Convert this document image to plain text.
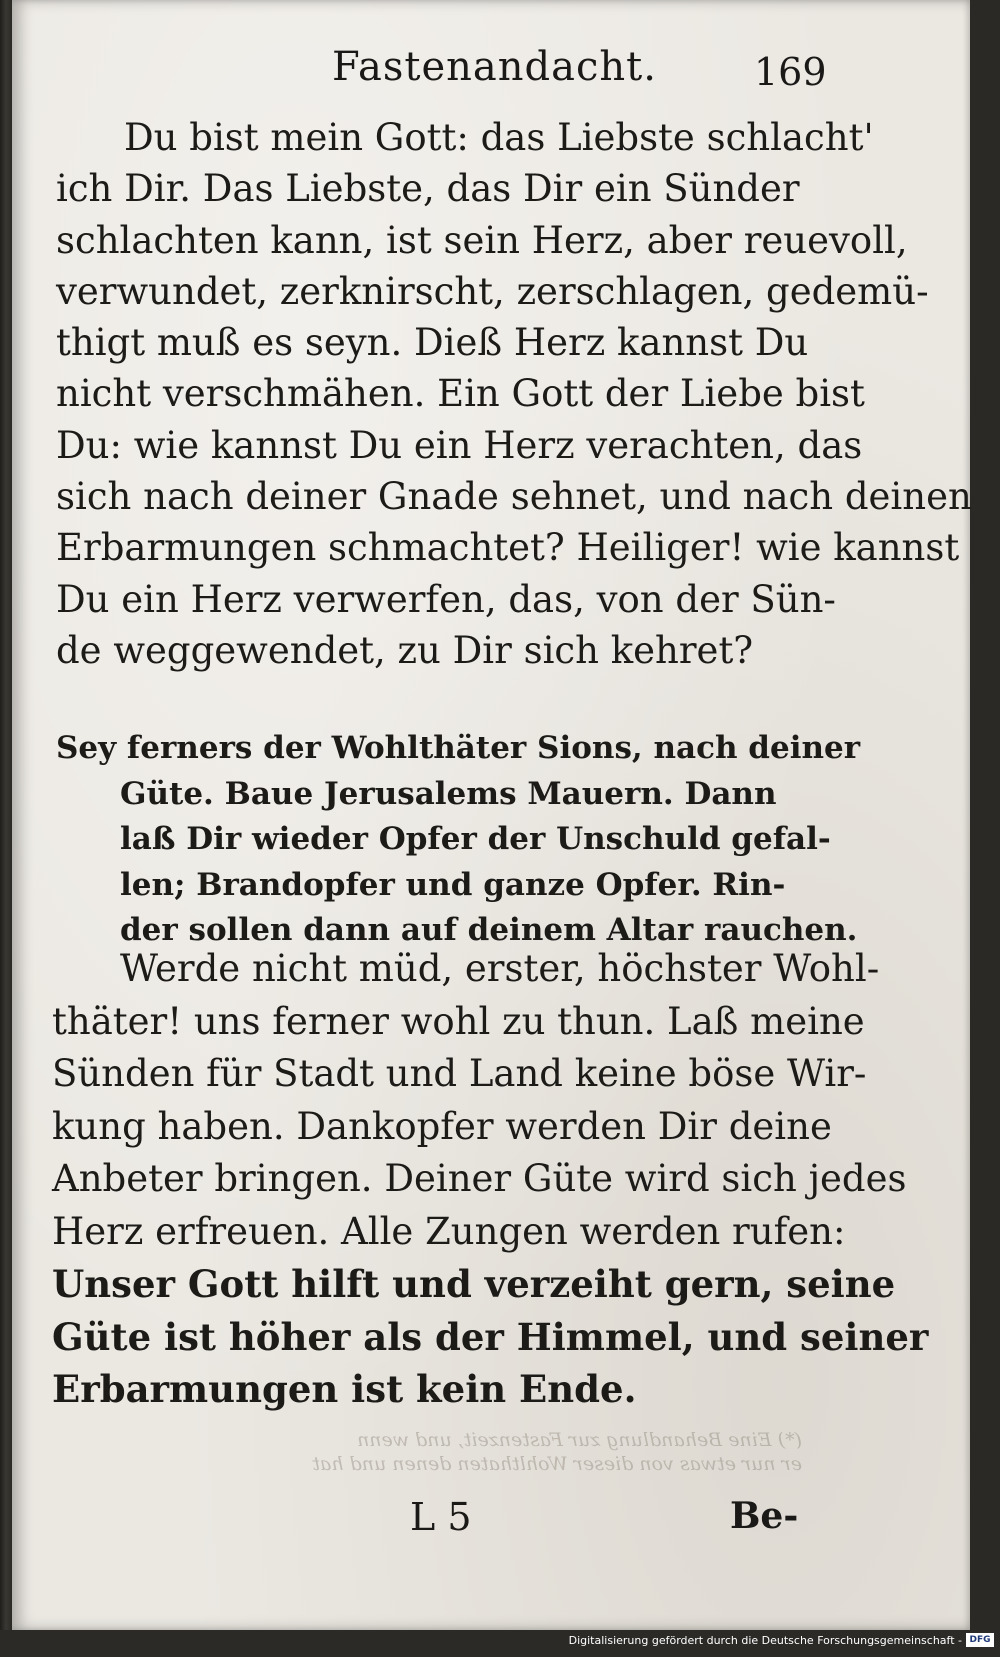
Fastenandacht.	169

Du bist mein Gott: das Liebste schlacht'
ich Dir. Das Liebste, das Dir ein Sünder
schlachten kann, ist sein Herz, aber reuevoll,
verwundet, zerknirscht, zerschlagen, gedemü-
thigt muß es seyn. Dieß Herz kannst Du
nicht verschmähen. Ein Gott der Liebe bist
Du: wie kannst Du ein Herz verachten, das
sich nach deiner Gnade sehnet, und nach deinen
Erbarmungen schmachtet? Heiliger! wie kannst
Du ein Herz verwerfen, das, von der Sün-
de weggewendet, zu Dir sich kehret?

Sey ferners der Wohlthäter Sions, nach deiner
Güte. Baue Jerusalems Mauern. Dann
laß Dir wieder Opfer der Unschuld gefal-
len; Brandopfer und ganze Opfer. Rin-
der sollen dann auf deinem Altar rauchen.

Werde nicht müd, erster, höchster Wohl-
thäter! uns ferner wohl zu thun. Laß meine
Sünden für Stadt und Land keine böse Wir-
kung haben. Dankopfer werden Dir deine
Anbeter bringen. Deiner Güte wird sich jedes
Herz erfreuen. Alle Zungen werden rufen:
Unser Gott hilft und verzeiht gern, seine
Güte ist höher als der Himmel, und seiner
Erbarmungen ist kein Ende.

(*) Eine Behandlung zur Fastenzeit, und wenn
er nur etwas von dieser Wohlthaten denen und hat
L 5	Be-
Digitalisierung gefördert durch die Deutsche Forschungsgemeinschaft - DFG
